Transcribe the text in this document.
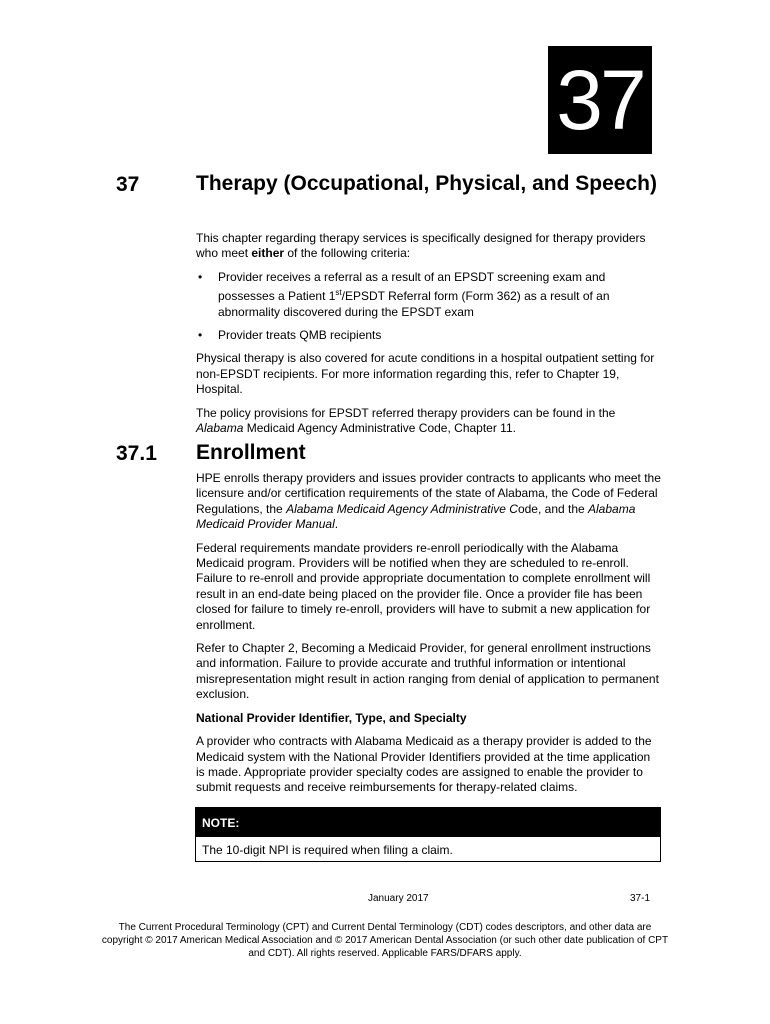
37
37	Therapy (Occupational, Physical, and Speech)

This chapter regarding therapy services is specifically designed for therapy providers who meet either of the following criteria:

• Provider receives a referral as a result of an EPSDT screening exam and possesses a Patient 1st/EPSDT Referral form (Form 362) as a result of an abnormality discovered during the EPSDT exam
• Provider treats QMB recipients

Physical therapy is also covered for acute conditions in a hospital outpatient setting for non-EPSDT recipients. For more information regarding this, refer to Chapter 19, Hospital.

The policy provisions for EPSDT referred therapy providers can be found in the Alabama Medicaid Agency Administrative Code, Chapter 11.

37.1 Enrollment

HPE enrolls therapy providers and issues provider contracts to applicants who meet the licensure and/or certification requirements of the state of Alabama, the Code of Federal Regulations, the Alabama Medicaid Agency Administrative Code, and the Alabama Medicaid Provider Manual.

Federal requirements mandate providers re-enroll periodically with the Alabama Medicaid program. Providers will be notified when they are scheduled to re-enroll. Failure to re-enroll and provide appropriate documentation to complete enrollment will result in an end-date being placed on the provider file. Once a provider file has been closed for failure to timely re-enroll, providers will have to submit a new application for enrollment.

Refer to Chapter 2, Becoming a Medicaid Provider, for general enrollment instructions and information. Failure to provide accurate and truthful information or intentional misrepresentation might result in action ranging from denial of application to permanent exclusion.

National Provider Identifier, Type, and Specialty

A provider who contracts with Alabama Medicaid as a therapy provider is added to the Medicaid system with the National Provider Identifiers provided at the time application is made. Appropriate provider specialty codes are assigned to enable the provider to submit requests and receive reimbursements for therapy-related claims.

NOTE:
The 10-digit NPI is required when filing a claim.
January 2017	37-1
The Current Procedural Terminology (CPT) and Current Dental Terminology (CDT) codes descriptors, and other data are copyright © 2017 American Medical Association and © 2017 American Dental Association (or such other date publication of CPT and CDT). All rights reserved. Applicable FARS/DFARS apply.
